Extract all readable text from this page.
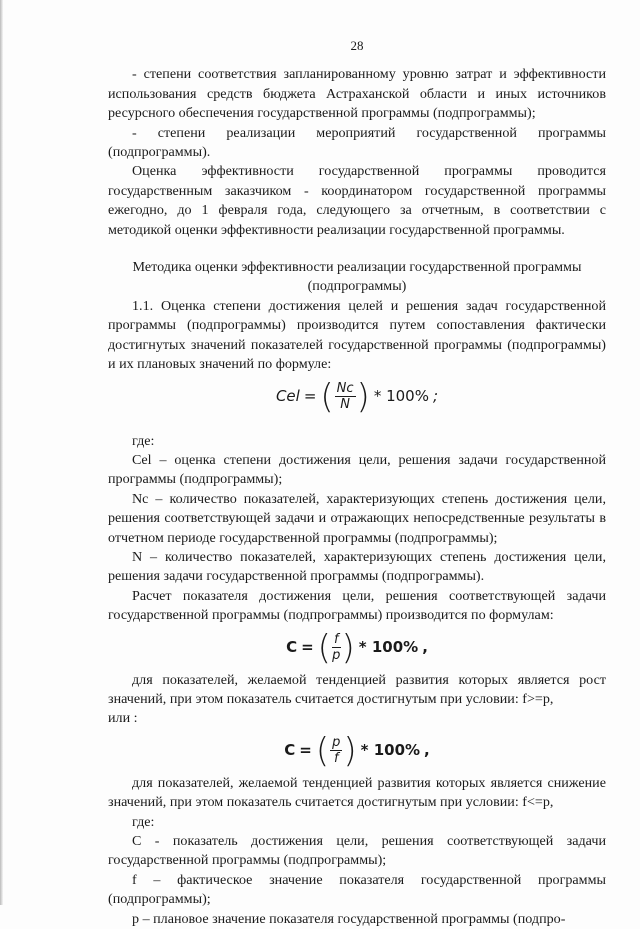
28

- степени соответствия запланированному уровню затрат и эффективности использования средств бюджета Астраханской области и иных источников ресурсного обеспечения государственной программы (подпрограммы);

- степени реализации мероприятий государственной программы (подпрограммы).

Оценка эффективности государственной программы проводится государственным заказчиком - координатором государственной программы ежегодно, до 1 февраля года, следующего за отчетным, в соответствии с методикой оценки эффективности реализации государственной программы.

Методика оценки эффективности реализации государственной программы (подпрограммы)

1.1. Оценка степени достижения целей и решения задач государственной программы (подпрограммы) производится путем сопоставления фактически достигнутых значений показателей государственной программы (подпрограммы) и их плановых значений по формуле:

Cel = ( $\frac{Nc}{N}$ ) * 100% ;

где:

Cel – оценка степени достижения цели, решения задачи государственной программы (подпрограммы);

Nc – количество показателей, характеризующих степень достижения цели, решения соответствующей задачи и отражающих непосредственные результаты в отчетном периоде государственной программы (подпрограммы);

N – количество показателей, характеризующих степень достижения цели, решения задачи государственной программы (подпрограммы).

Расчет показателя достижения цели, решения соответствующей задачи государственной программы (подпрограммы) производится по формулам:

C = ( $\frac{f}{p}$ ) * 100% ,

для показателей, желаемой тенденцией развития которых является рост значений, при этом показатель считается достигнутым при условии: f>=p,

или :

C = ( $\frac{p}{f}$ ) * 100% ,

для показателей, желаемой тенденцией развития которых является снижение значений, при этом показатель считается достигнутым при условии: f<=p,

где:

С - показатель достижения цели, решения соответствующей задачи государственной программы (подпрограммы);

f – фактическое значение показателя государственной программы (подпрограммы);

р – плановое значение показателя государственной программы (подпро-
